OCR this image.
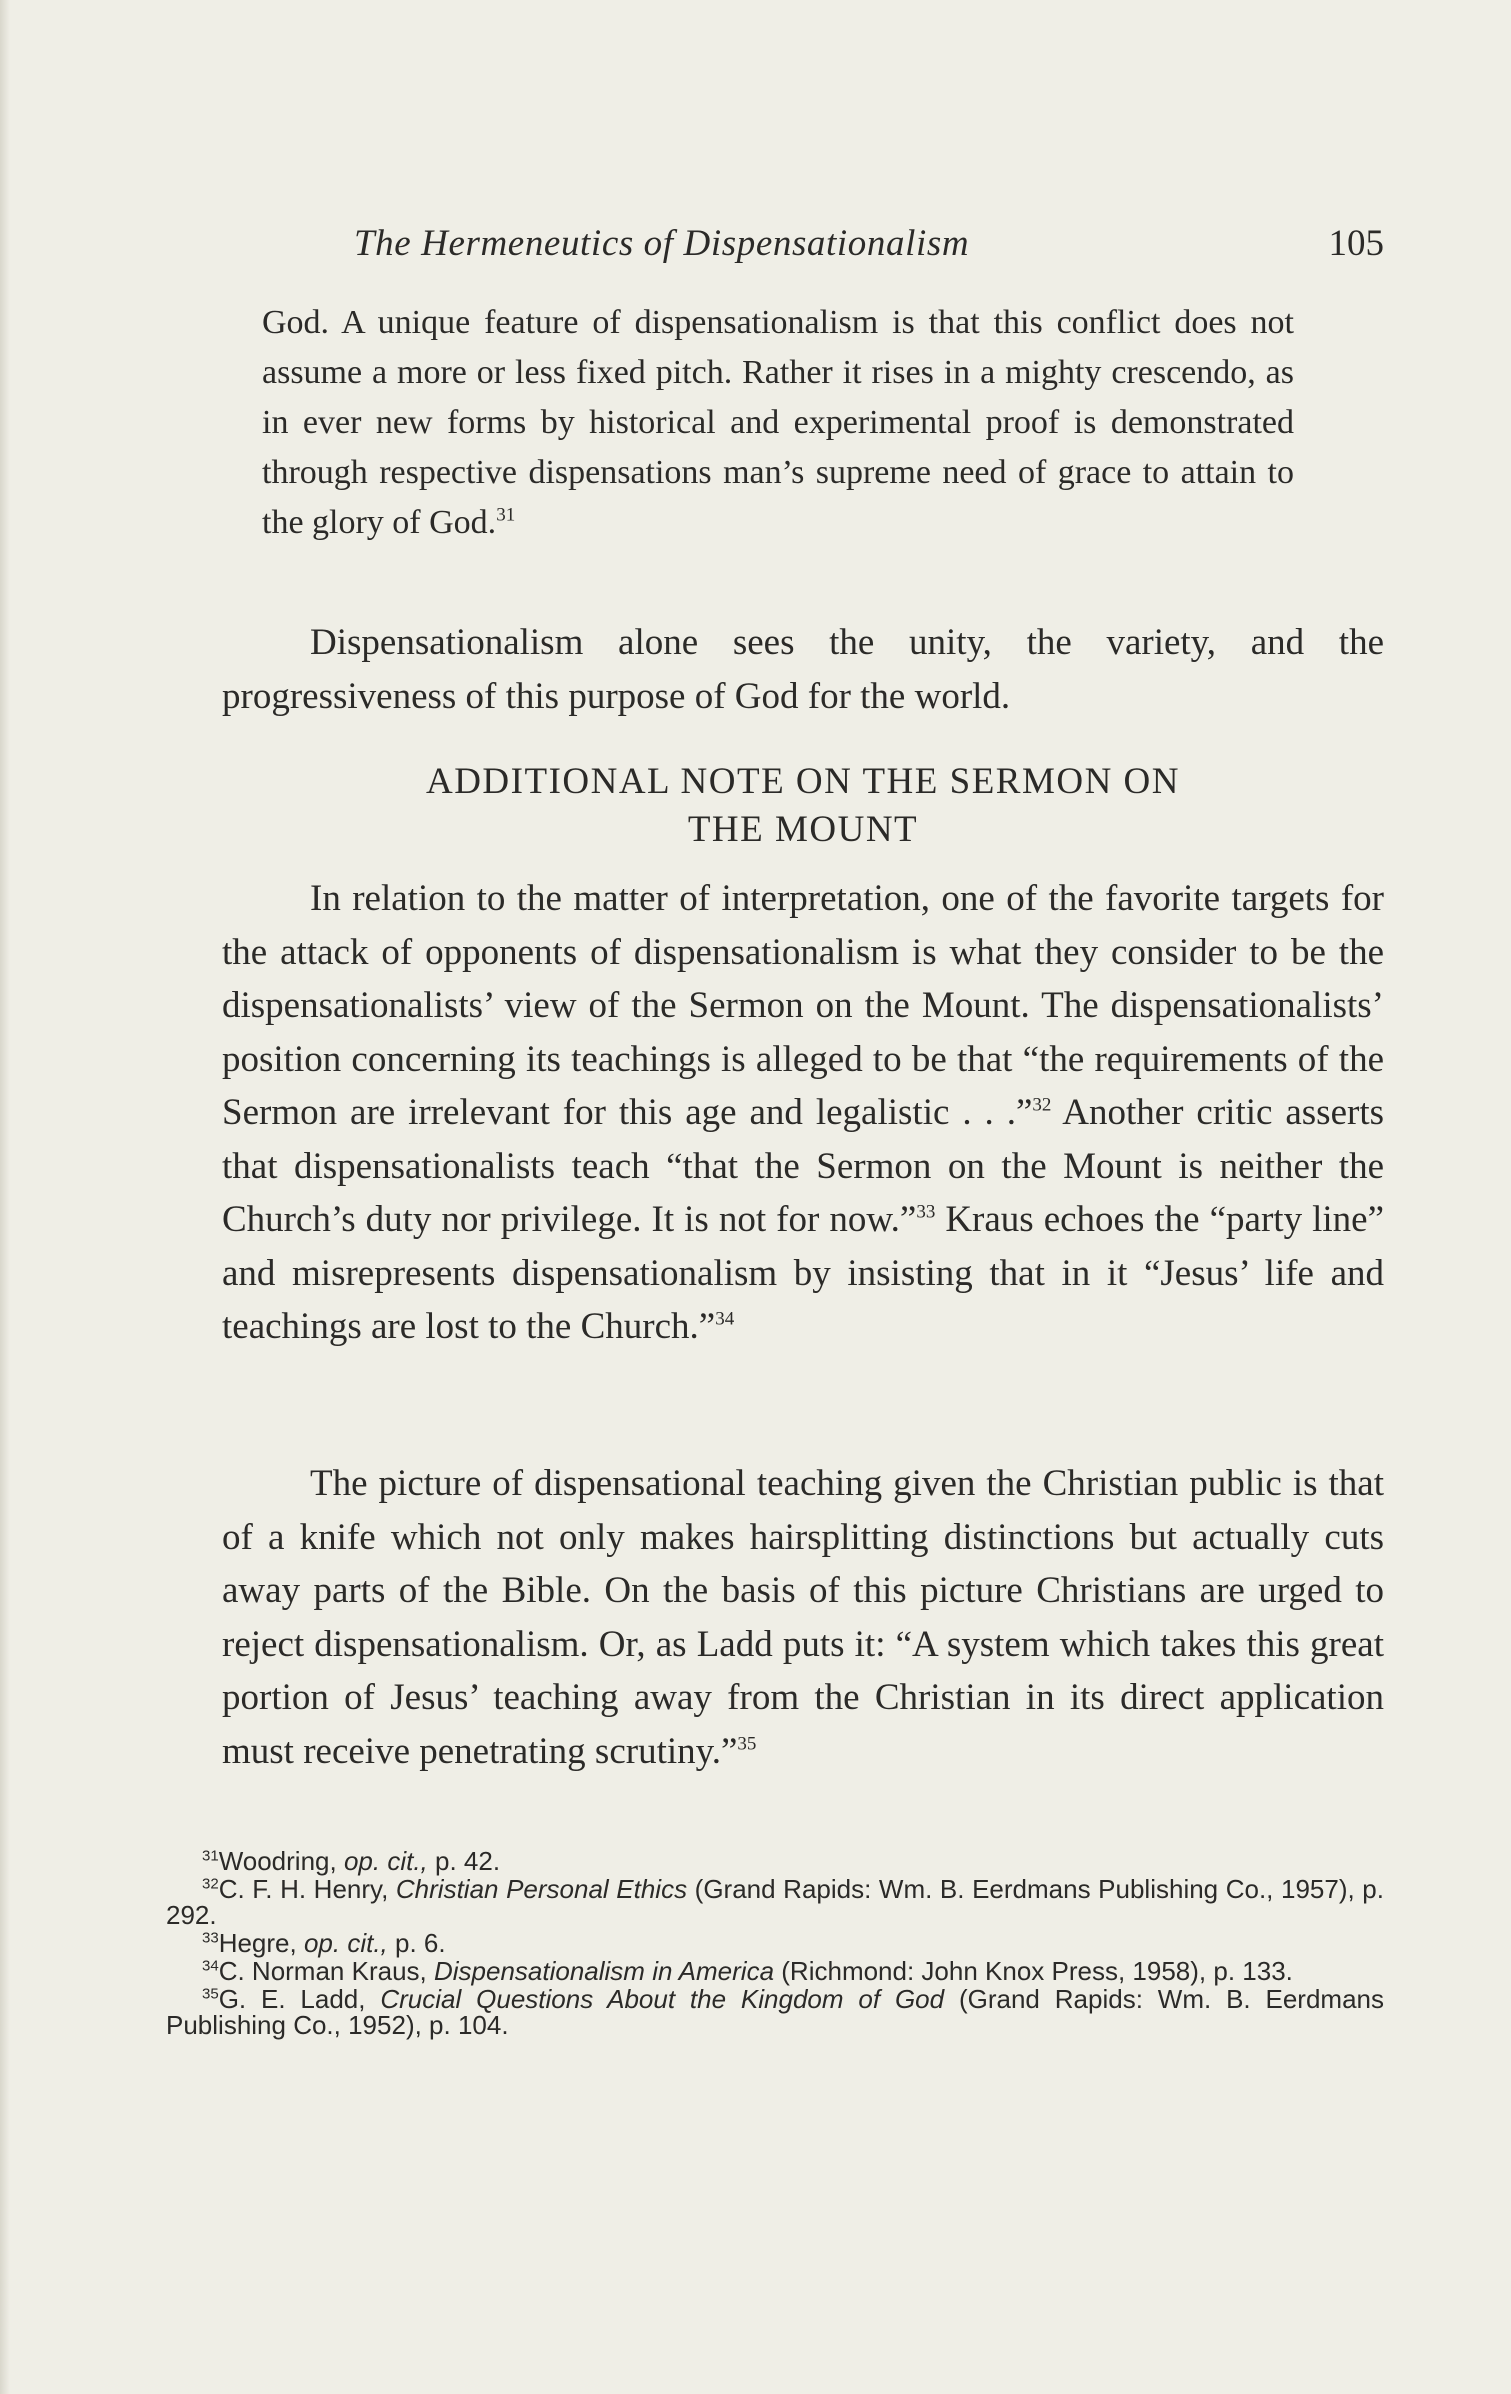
The Hermeneutics of Dispensationalism	105
God. A unique feature of dispensationalism is that this conflict does not assume a more or less fixed pitch. Rather it rises in a mighty crescendo, as in ever new forms by historical and experimental proof is demonstrated through respective dispensations man’s supreme need of grace to attain to the glory of God.$^{31}$
Dispensationalism alone sees the unity, the variety, and the progressiveness of this purpose of God for the world.
ADDITIONAL NOTE ON THE SERMON ON
THE MOUNT
In relation to the matter of interpretation, one of the favorite targets for the attack of opponents of dispensationalism is what they consider to be the dispensationalists’ view of the Sermon on the Mount. The dispensationalists’ position concerning its teachings is alleged to be that “the requirements of the Sermon are irrelevant for this age and legalistic . . .”$^{32}$ Another critic asserts that dispensationalists teach “that the Sermon on the Mount is neither the Church’s duty nor privilege. It is not for now.”$^{33}$ Kraus echoes the “party line” and misrepresents dispensationalism by insisting that in it “Jesus’ life and teachings are lost to the Church.”$^{34}$
The picture of dispensational teaching given the Christian public is that of a knife which not only makes hairsplitting distinctions but actually cuts away parts of the Bible. On the basis of this picture Christians are urged to reject dispensationalism. Or, as Ladd puts it: “A system which takes this great portion of Jesus’ teaching away from the Christian in its direct application must receive penetrating scrutiny.”$^{35}$

$^{31}$Woodring, op. cit., p. 42.

$^{32}$C. F. H. Henry, Christian Personal Ethics (Grand Rapids: Wm. B. Eerdmans Publishing Co., 1957), p. 292.

$^{33}$Hegre, op. cit., p. 6.

$^{34}$C. Norman Kraus, Dispensationalism in America (Richmond: John Knox Press, 1958), p. 133.

$^{35}$G. E. Ladd, Crucial Questions About the Kingdom of God (Grand Rapids: Wm. B. Eerdmans Publishing Co., 1952), p. 104.
